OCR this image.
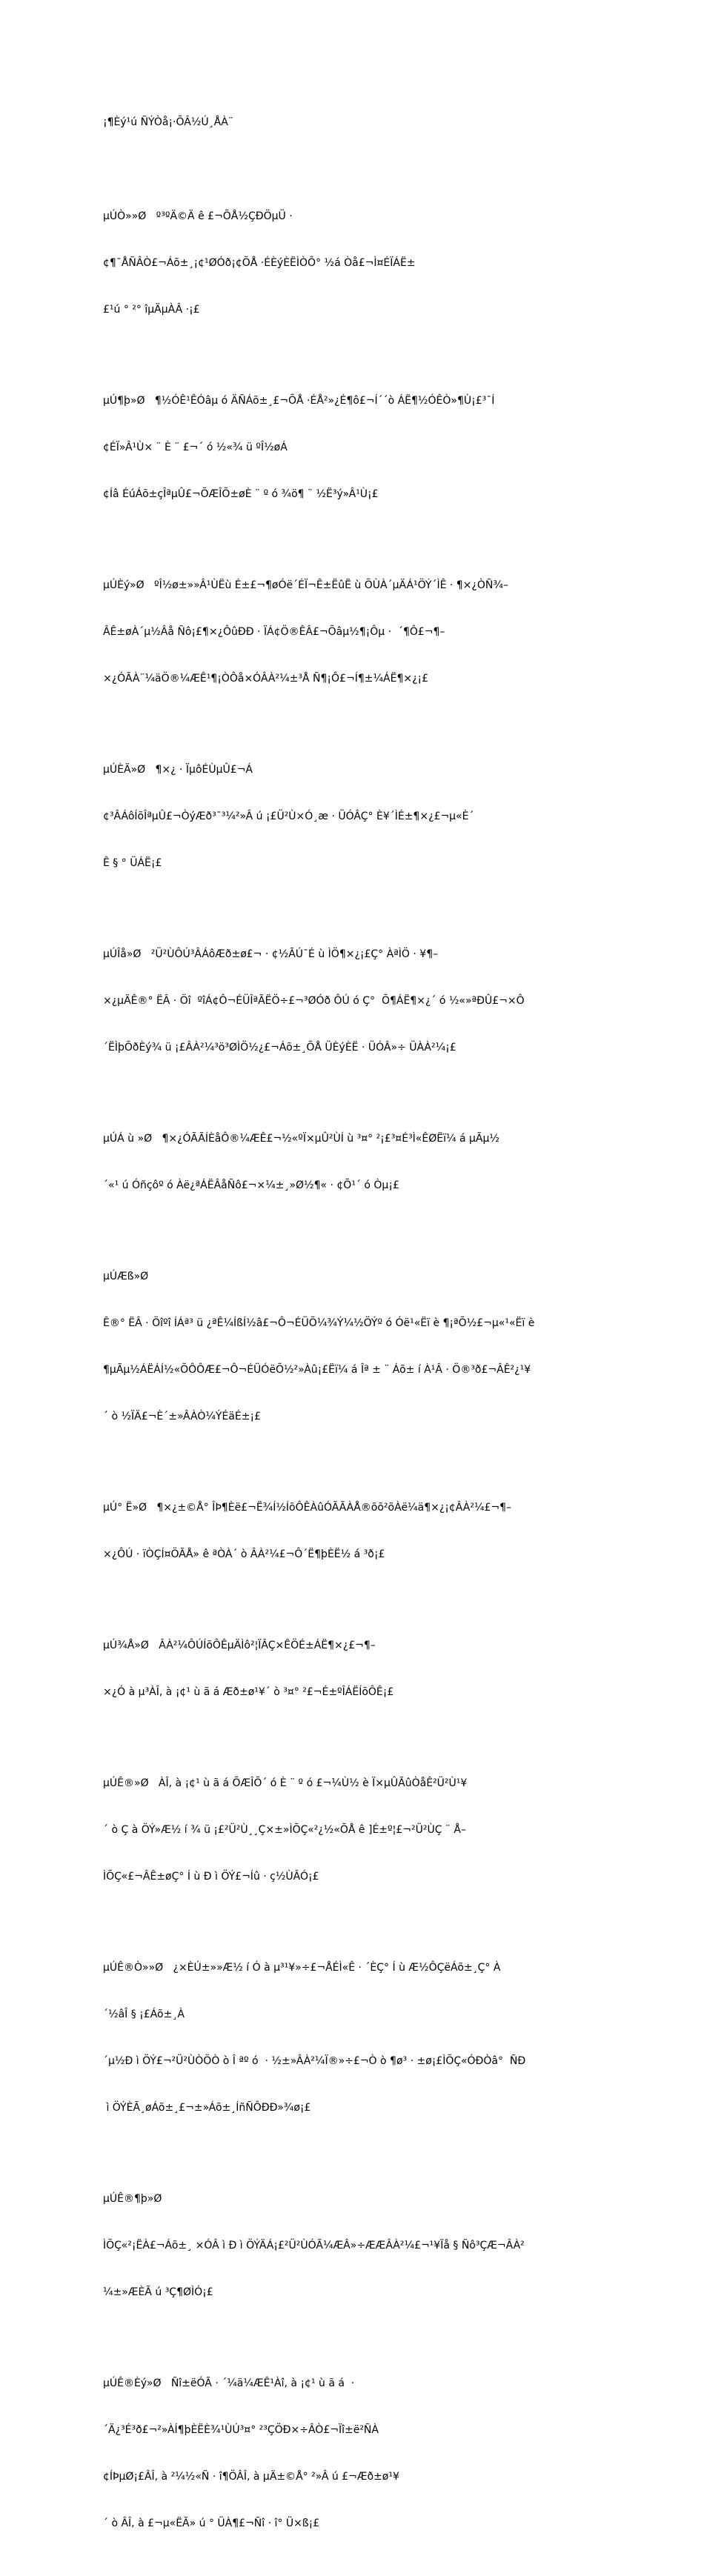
¡¶Èý¹ú ÑÝÒå¡·ÕÂ½Ú¸ÅÀ¨

µÚÒ»»Ø   º³ºÄ©Ä ê £¬ÕÅ½ÇÐÖµÜ ·

¢¶¯ÅÑÂÒ£¬Áõ±¸¡¢¹ØÓð¡¢ÕÅ ·ÉÈýÈËÌÒÔ° ½á Òå£¬Ì¤ÉÏÁË±

£¹ú ° ²° îµÄµÀÂ ·¡£

µÚ¶þ»Ø   ¶½ÓÊ¹ÊÓâµ ó ÄÑÁõ±¸£¬ÕÅ ·ÉÅ²»¿É¶ô£¬Í´´ò ÁË¶½ÓÊÒ»¶Ù¡£³¯Í

¢ÉÏ»Â¹Ù× ¨ È ¨ £¬´ ó ½«¾ ü ºÎ½øÁ

¢Íâ ÉúÁõ±çÎªµÛ£¬ÕÆÎÕ±øÈ ¨ º ó ¾ö¶ ¨ ½Ë³ý»Â¹Ù¡£

µÚÈý»Ø   ºÎ½ø±»»Â¹ÙËù É±£¬¶øÓë´ÉÏ¬Ê±ËûË ù ÕÙÀ´µÄÁ¹ÖÝ´ÌÊ · ¶×¿ÒÑ¾–

ÂÊ±øÀ´µ½Âå Ñô¡£¶×¿ÔûÐÐ · ÏÁ¢Ö®ÊÂ£¬Õâµ½¶¡Ôµ ·  ´¶Ô£¬¶–

×¿ÓÃÀ¨¼äÖ®¼ÆÊ¹¶¡ÒÔå×ÓÂÀ²¼±³Å Ñ¶¡Ô£¬Í¶±¼ÁË¶×¿¡£

µÚÈÄ»Ø   ¶×¿ · ÏµôÉÙµÛ£¬Á

¢³ÂÁôÍõÎªµÛ£¬ÒýÆð³¯³¼²»Â ú ¡£Ü²Ù×Ó¸æ · ÜÓÂÇ° È¥´ÌÉ±¶×¿£¬µ«È´

Ê § ° ÜÁË¡£

µÚÎå»Ø   ²Ü²ÙÔÚ³ÂÁôÆð±ø£¬ · ¢½ÃÚ¯É ù ÌÖ¶×¿¡£Ç° ÀªÌÖ · ¥¶–

×¿µÄÊ®° ËÂ · Öî  ºîÁ¢Ô¬ÉÜÎªÃËÖ÷£¬³ØÓð ÔÚ ó Ç°  Õ¶ÁË¶×¿´ ó ½«»ªÐÛ£¬×Ô

´ËÌþÕðÈý¾ ü ¡£ÂÀ²¼³ö³ØÌÖ½¿£¬Áõ±¸ÕÅ ÜÈýÈË · ÜÓÂ»÷ ÜÀÀ²¼¡£

µÚÁ ù »Ø   ¶×¿ÓÃÃÍÈåÔ®¼ÆÊ£¬½«ºÏ×µÛ²ÙÍ ù ³¤° ²¡£³¤É³Ì«ÊØËï¼ á µÃµ½

´«¹ ú Óñçôº ó Àë¿ªÁËÂåÑô£¬×¼±¸»Ø½¶« · ¢Õ¹´ ó Òµ¡£

µÚÆß»Ø

Ê®° ËÂ · Öîºî ÍÁª³ ü ¿ªÊ¼ÍßÍ½â£¬Ô¬ÉÜÕ¼¾Ý¼½ÖÝº ó Óë¹«Ëï è ¶¡ªÕ½£¬µ«¹«Ëï è

¶µÃµ½ÁËÁÍ½«ÕÔÔÆ£¬Ô¬ÉÜÓëÕ½²»Àû¡£Ëï¼ á Îª ± ¨ Áõ± í À¹Â · Ö®³ð£¬ÂÊ²¿¹¥

´ ò ½ÏÄ£¬È´±»ÂÀÒ¼ÝÉäÉ±¡£

µÚ° Ë»Ø   ¶×¿±©Å° ÎÞ¶Èë£¬Ë¾Í½ÍõÔÊÀûÓÃÃÀÅ®õõ²õÀë¼ä¶×¿¡¢ÂÀ²¼£¬¶–

×¿ÔÚ · ïÒÇÍ¤ÖÃÅ» ê ªÒÀ´ ò ÂÀ²¼£¬Ô´Ë¶þÈË½ á ³ð¡£

µÚ¾Å»Ø   ÂÀ²¼ÔÚÍõÔÊµÄÌô²¦ÏÂÇ×ÊÖÉ±ÁË¶×¿£¬¶–

×¿Ó à µ³ÀÎ, à ¡¢¹ ù ã á Æð±ø¹¥´ ò ³¤° ²£¬É±ºÎÁËÍõÔÊ¡£

µÚÊ®»Ø   ÀÎ, à ¡¢¹ ù ã á ÕÆÎÕ´ ó È ¨ º ó £¬¼Ù½ è Ï×µÛÃûÒåÊ²Ü²Ù¹¥

´ ò Ç à ÖÝ»Æ½ í ¾ ü ¡£²Ü²Ù¸¸Ç×±»ÌÕÇ«²¿½«ÕÅ ê ]É±º¦£¬²Ü²ÙÇ ¨ Å–

ÌÕÇ«£¬ÂÊ±øÇ° Í ù Ð ì ÖÝ£¬Íû · ç½ÙÂÓ¡£

µÚÊ®Ò»»Ø   ¿×ÈÚ±»»Æ½ í Ó à µ³¹¥»÷£¬ÅÉÌ«Ê · ´ÈÇ° Í ù Æ½ÔÇëÁõ±¸Ç° À

´½âÎ § ¡£Áõ±¸À

´µ½Ð ì ÖÝ£¬²Ü²ÙÒÖÒ ò Î ªº ó  · ½±»ÂÀ²¼Ï®»÷£¬Ò ò ¶ø³ · ±ø¡£ÌÕÇ«ÓÐÒâ°  ÑÐ

ì ÖÝÈÃ¸øÁõ±¸£¬±»Áõ±¸ÍñÑÔÐÐ»¾ø¡£

µÚÊ®¶þ»Ø

ÌÕÇ«²¡ËÀ£¬Áõ±¸ ×ÓÂ ì Ð ì ÖÝÄÁ¡£²Ü²ÙÓÃ¼ÆÂ»÷ÆÆÂÀ²¼£¬¹¥Ïå § Ñô³ÇÆ¬ÂÀ²

¼±»ÆÈÃ ú ³Ç¶ØÌÓ¡£

µÚÊ®Èý»Ø   Ñî±ëÓÃ · ´¼ä¼ÆÊ¹Àî, à ¡¢¹ ù ã á  ·

´Ä¿³É³ð£¬²»ÀÍ¶þÈËÈ¾¹ÙÚ³¤° ²³ÇÖÐ×÷ÂÒ£¬Ïî±ë²ÑÀ

¢ÍÞµØ¡£ÂÎ, à ²¼½«Ñ · î¶ÖÂÎ, à µÄ±©Å° ²»Â ú £¬Æð±ø¹¥

´ ò ÂÎ, à £¬µ«ËÃ» ú ° ÜÀ¶£¬Ñî · î° Ü×ß¡£
